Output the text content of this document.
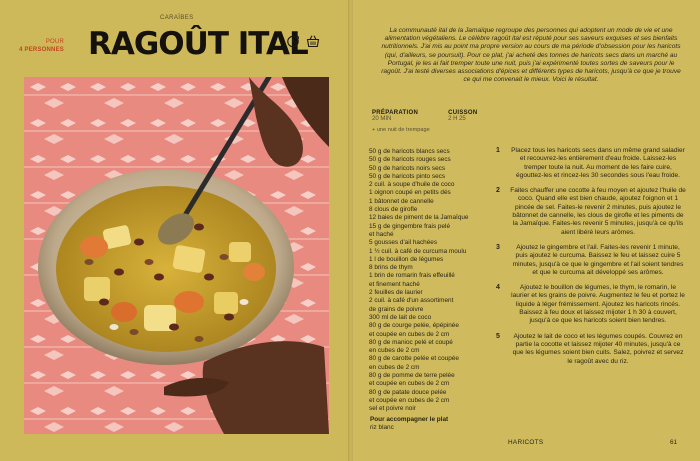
POUR
4 PERSONNES
CARAÏBES
RAGOÛT ITAL	La communauté ital de la Jamaïque regroupe des personnes qui adoptent un mode de vie et une alimentation végétaliens. Le célèbre ragoût ital est réputé pour ses saveurs exquises et ses bienfaits nutritionnels. J'ai mis au point ma propre version au cours de ma période d'obsession pour les haricots (qui, d'ailleurs, se poursuit). Pour ce plat, j'ai acheté des tonnes de haricots secs dans un marché au Portugal, je les ai fait tremper toute une nuit, puis j'ai expérimenté toutes sortes de saveurs pour le ragoût. J'ai testé diverses associations d'épices et différents types de haricots, jusqu'à ce que je trouve ce qui me convenait le mieux. Voici le résultat.

PRÉPARATION
20 MIN
CUISSON
2 H 25
+ une nuit de trempage
50 g de haricots blancs secs
50 g de haricots rouges secs
50 g de haricots noirs secs
50 g de haricots pinto secs
2 cuil. à soupe d'huile de coco
1 oignon coupé en petits dés
1 bâtonnet de cannelle
8 clous de girofle
12 baies de piment de la Jamaïque
15 g de gingembre frais pelé
et haché
5 gousses d'ail hachées
1 ½ cuil. à café de curcuma moulu
1 l de bouillon de légumes
8 brins de thym
1 brin de romarin frais effeuillé
et finement haché
2 feuilles de laurier
2 cuil. à café d'un assortiment
de grains de poivre
300 ml de lait de coco
80 g de courge pelée, épépinée
et coupée en cubes de 2 cm
80 g de manioc pelé et coupé
en cubes de 2 cm
80 g de carotte pelée et coupée
en cubes de 2 cm
80 g de pomme de terre pelée
et coupée en cubes de 2 cm
80 g de patate douce pelée
et coupée en cubes de 2 cm
sel et poivre noir
Pour accompagner le plat
riz blanc
1 Placez tous les haricots secs dans un même grand saladier et recouvrez-les entièrement d'eau froide. Laissez-les tremper toute la nuit. Au moment de les faire cuire, égouttez-les et rincez-les 30 secondes sous l'eau froide.
2 Faites chauffer une cocotte à feu moyen et ajoutez l'huile de coco. Quand elle est bien chaude, ajoutez l'oignon et 1 pincée de sel. Faites-le revenir 2 minutes, puis ajoutez le bâtonnet de cannelle, les clous de girofle et les piments de la Jamaïque. Faites-les revenir 5 minutes, jusqu'à ce qu'ils aient libéré leurs arômes.
3 Ajoutez le gingembre et l'ail. Faites-les revenir 1 minute, puis ajoutez le curcuma. Baissez le feu et laissez cuire 5 minutes, jusqu'à ce que le gingembre et l'ail soient tendres et que le curcuma ait développé ses arômes.
4	Ajoutez le bouillon de légumes, le thym, le romarin, le laurier et les grains de poivre. Augmentez le feu et portez le liquide à léger frémissement. Ajoutez les haricots rincés. Baissez à feu doux et laissez mijoter 1 h 30 à couvert, jusqu'à ce que les haricots soient bien tendres.
5 Ajoutez le lait de coco et les légumes coupés. Couvrez en partie la cocotte et laissez mijoter 40 minutes, jusqu'à ce que les légumes soient bien cuits. Salez, poivrez et servez le ragoût avec du riz.
HARICOTS	61
